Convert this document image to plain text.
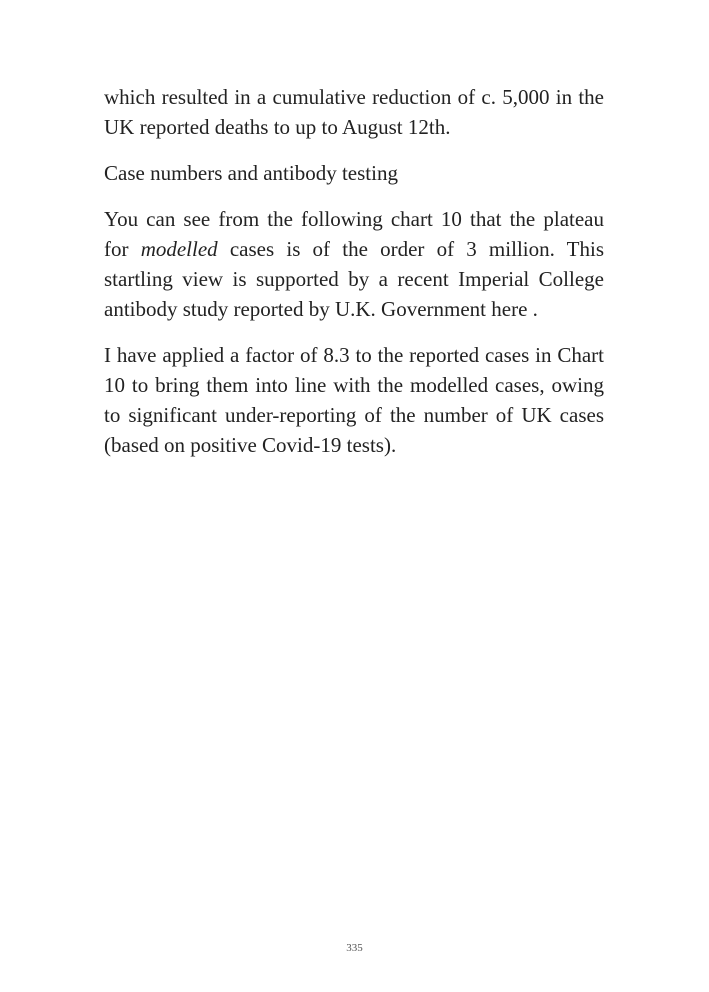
which resulted in a cumulative reduction of c. 5,000 in the UK reported deaths to up to August 12th.

Case numbers and antibody testing

You can see from the following chart 10 that the plateau for modelled cases is of the order of 3 million. This startling view is supported by a recent Imperial College antibody study reported by U.K. Government here .

I have applied a factor of 8.3 to the reported cases in Chart 10 to bring them into line with the modelled cases, owing to significant under-reporting of the number of UK cases (based on positive Covid-19 tests).

335
